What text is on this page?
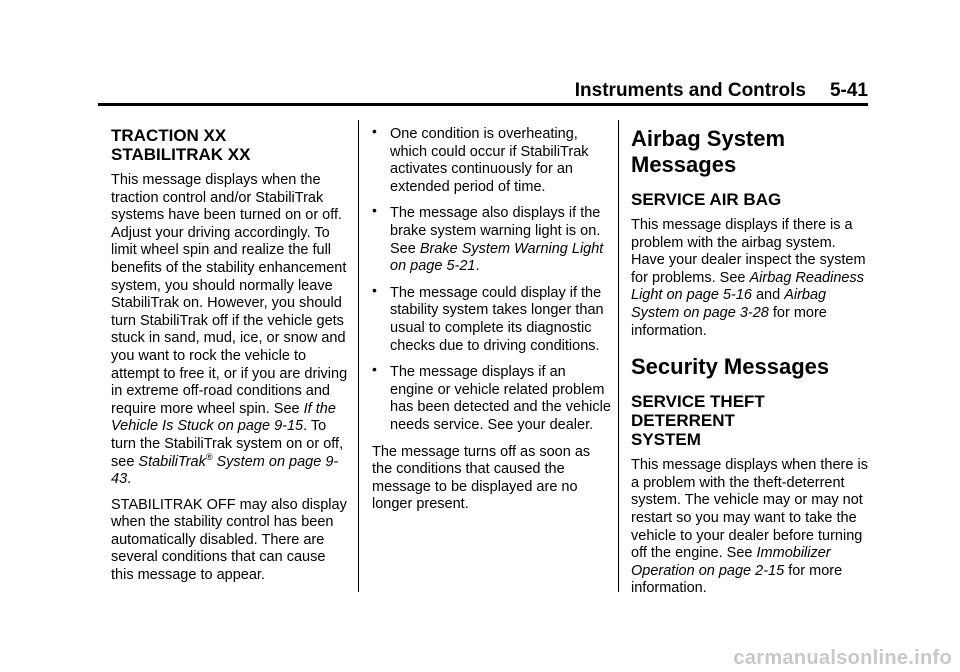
Instruments and Controls 5-41
TRACTION XX
STABILITRAK XX

This message displays when the traction control and/or StabiliTrak systems have been turned on or off. Adjust your driving accordingly. To limit wheel spin and realize the full benefits of the stability enhancement system, you should normally leave StabiliTrak on. However, you should turn StabiliTrak off if the vehicle gets stuck in sand, mud, ice, or snow and you want to rock the vehicle to attempt to free it, or if you are driving in extreme off-road conditions and require more wheel spin. See If the Vehicle Is Stuck on page 9-15. To turn the StabiliTrak system on or off, see StabiliTrak® System on page 9-43.

STABILITRAK OFF may also display when the stability control has been automatically disabled. There are several conditions that can cause this message to appear.

• One condition is overheating, which could occur if StabiliTrak activates continuously for an extended period of time.
• The message also displays if the brake system warning light is on. See Brake System Warning Light on page 5-21.
• The message could display if the stability system takes longer than usual to complete its diagnostic checks due to driving conditions.
• The message displays if an engine or vehicle related problem has been detected and the vehicle needs service. See your dealer.

The message turns off as soon as the conditions that caused the message to be displayed are no longer present.

Airbag System Messages
SERVICE AIR BAG

This message displays if there is a problem with the airbag system. Have your dealer inspect the system for problems. See Airbag Readiness Light on page 5-16 and Airbag System on page 3-28 for more information.

Security Messages
SERVICE THEFT DETERRENT
SYSTEM

This message displays when there is a problem with the theft-deterrent system. The vehicle may or may not restart so you may want to take the vehicle to your dealer before turning off the engine. See Immobilizer Operation on page 2-15 for more information.

carmanualsonline.info
